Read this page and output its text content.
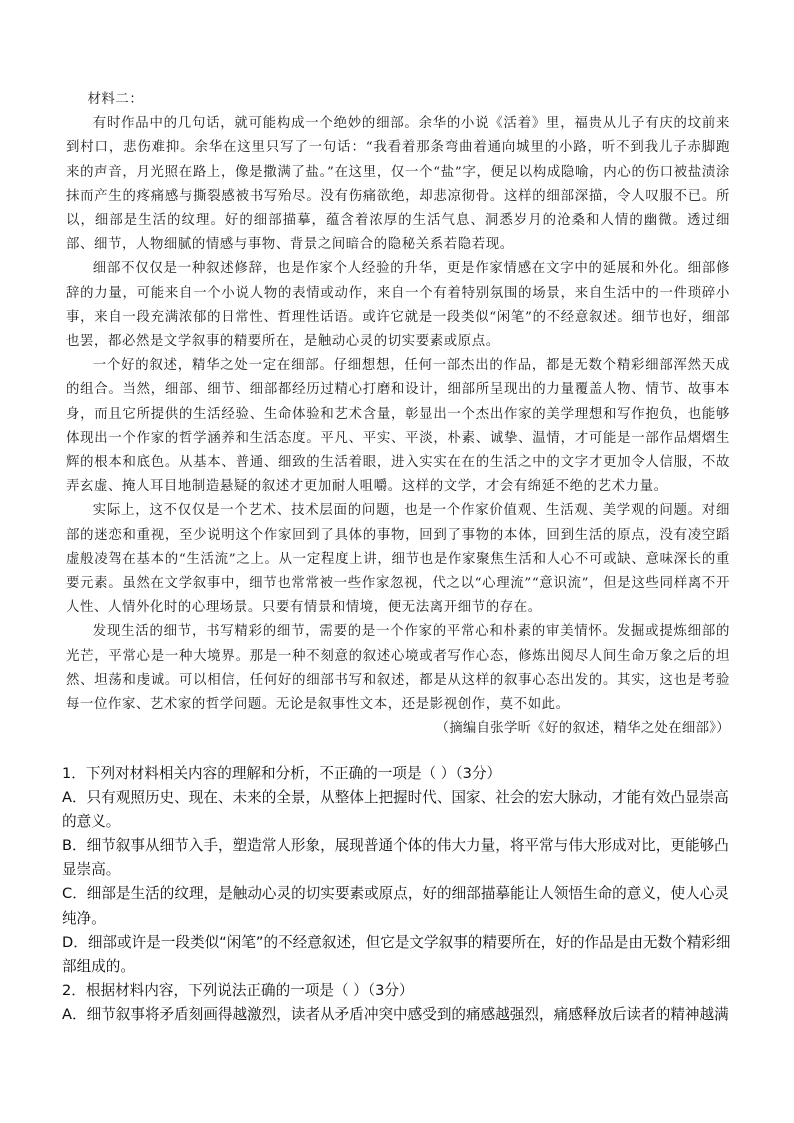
材料二：

有时作品中的几句话，就可能构成一个绝妙的细部。余华的小说《活着》里，福贵从儿子有庆的坟前来到村口，悲伤难抑。余华在这里只写了一句话：“我看着那条弯曲着通向城里的小路，听不到我儿子赤脚跑来的声音，月光照在路上，像是撒满了盐。”在这里，仅一个“盐”字，便足以构成隐喻，内心的伤口被盐渍涂抹而产生的疼痛感与撕裂感被书写殆尽。没有伤痛欲绝，却悲凉彻骨。这样的细部深描，令人叹服不已。所以，细部是生活的纹理。好的细部描摹，蕴含着浓厚的生活气息、洞悉岁月的沧桑和人情的幽微。透过细部、细节，人物细腻的情感与事物、背景之间暗合的隐秘关系若隐若现。

细部不仅仅是一种叙述修辞，也是作家个人经验的升华，更是作家情感在文字中的延展和外化。细部修辞的力量，可能来自一个小说人物的表情或动作，来自一个有着特别氛围的场景，来自生活中的一件琐碎小事，来自一段充满浓郁的日常性、哲理性话语。或许它就是一段类似“闲笔”的不经意叙述。细节也好，细部也罢，都必然是文学叙事的精要所在，是触动心灵的切实要素或原点。

一个好的叙述，精华之处一定在细部。仔细想想，任何一部杰出的作品，都是无数个精彩细部浑然天成的组合。当然，细部、细节、细部都经历过精心打磨和设计，细部所呈现出的力量覆盖人物、情节、故事本身，而且它所提供的生活经验、生命体验和艺术含量，彰显出一个杰出作家的美学理想和写作抱负，也能够体现出一个作家的哲学涵养和生活态度。平凡、平实、平淡，朴素、诚挚、温情，才可能是一部作品熠熠生辉的根本和底色。从基本、普通、细致的生活着眼，进入实实在在的生活之中的文字才更加令人信服，不故弄玄虚、掩人耳目地制造悬疑的叙述才更加耐人咀嚼。这样的文学，才会有绵延不绝的艺术力量。

实际上，这不仅仅是一个艺术、技术层面的问题，也是一个作家价值观、生活观、美学观的问题。对细部的迷恋和重视，至少说明这个作家回到了具体的事物，回到了事物的本体，回到生活的原点，没有凌空蹈虚般凌驾在基本的“生活流”之上。从一定程度上讲，细节也是作家聚焦生活和人心不可或缺、意味深长的重要元素。虽然在文学叙事中，细节也常常被一些作家忽视，代之以“心理流”“意识流”，但是这些同样离不开人性、人情外化时的心理场景。只要有情景和情境，便无法离开细节的存在。

发现生活的细节，书写精彩的细节，需要的是一个作家的平常心和朴素的审美情怀。发掘或提炼细部的光芒，平常心是一种大境界。那是一种不刻意的叙述心境或者写作心态，修炼出阅尽人间生命万象之后的坦然、坦荡和虔诚。可以相信，任何好的细部书写和叙述，都是从这样的叙事心态出发的。其实，这也是考验每一位作家、艺术家的哲学问题。无论是叙事性文本，还是影视创作，莫不如此。

（摘编自张学昕《好的叙述，精华之处在细部》）

1．下列对材料相关内容的理解和分析，不正确的一项是（ ）（3分）

A．只有观照历史、现在、未来的全景，从整体上把握时代、国家、社会的宏大脉动，才能有效凸显崇高的意义。

B．细节叙事从细节入手，塑造常人形象，展现普通个体的伟大力量，将平常与伟大形成对比，更能够凸显崇高。

C．细部是生活的纹理，是触动心灵的切实要素或原点，好的细部描摹能让人领悟生命的意义，使人心灵纯净。

D．细部或许是一段类似“闲笔”的不经意叙述，但它是文学叙事的精要所在，好的作品是由无数个精彩细部组成的。

2．根据材料内容，下列说法正确的一项是（ ）（3分）

A．细节叙事将矛盾刻画得越激烈，读者从矛盾冲突中感受到的痛感越强烈，痛感释放后读者的精神越满
